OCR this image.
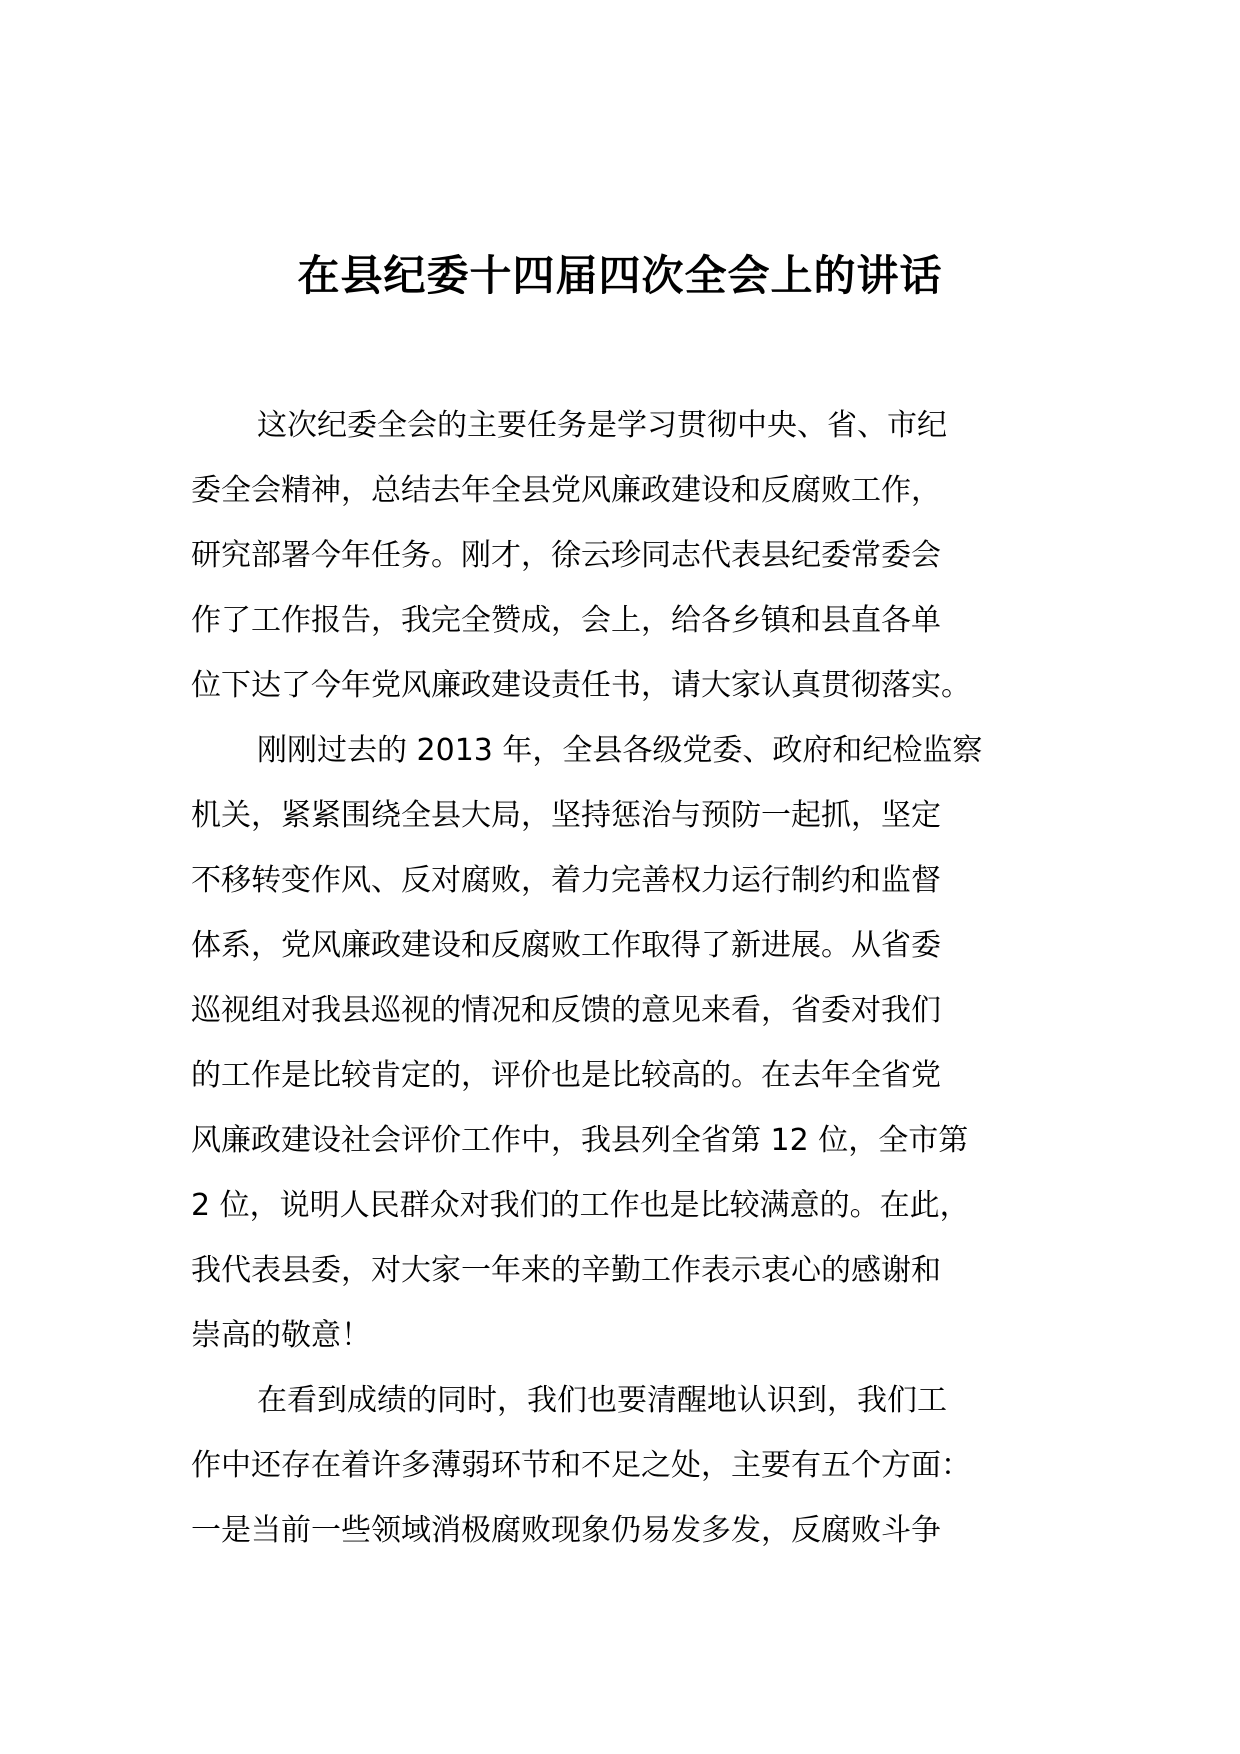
在县纪委十四届四次全会上的讲话
这次纪委全会的主要任务是学习贯彻中央、省、市纪
委全会精神，总结去年全县党风廉政建设和反腐败工作，
研究部署今年任务。刚才，徐云珍同志代表县纪委常委会
作了工作报告，我完全赞成，会上，给各乡镇和县直各单
位下达了今年党风廉政建设责任书，请大家认真贯彻落实。
刚刚过去的 2013 年，全县各级党委、政府和纪检监察
机关，紧紧围绕全县大局，坚持惩治与预防一起抓，坚定
不移转变作风、反对腐败，着力完善权力运行制约和监督
体系，党风廉政建设和反腐败工作取得了新进展。从省委
巡视组对我县巡视的情况和反馈的意见来看，省委对我们
的工作是比较肯定的，评价也是比较高的。在去年全省党
风廉政建设社会评价工作中，我县列全省第 12 位，全市第
2 位，说明人民群众对我们的工作也是比较满意的。在此，
我代表县委，对大家一年来的辛勤工作表示衷心的感谢和
崇高的敬意！
在看到成绩的同时，我们也要清醒地认识到，我们工
作中还存在着许多薄弱环节和不足之处，主要有五个方面：
一是当前一些领域消极腐败现象仍易发多发，反腐败斗争
